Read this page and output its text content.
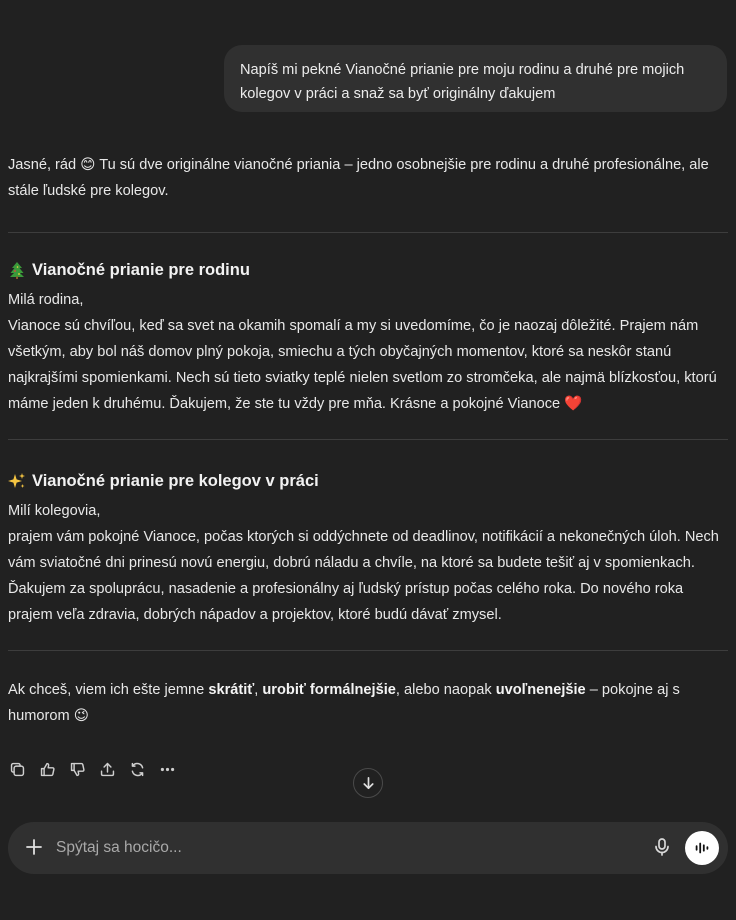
Napíš mi pekné Vianočné prianie pre moju rodinu a druhé pre mojich kolegov v práci a snaž sa byť originálny ďakujem
Jasné, rád 😊 Tu sú dve originálne vianočné priania – jedno osobnejšie pre rodinu a druhé profesionálne, ale stále ľudské pre kolegov.
Vianočné prianie pre rodinu
Milá rodina,
Vianoce sú chvíľou, keď sa svet na okamih spomalí a my si uvedomíme, čo je naozaj dôležité. Prajem nám všetkým, aby bol náš domov plný pokoja, smiechu a tých obyčajných momentov, ktoré sa neskôr stanú najkrajšími spomienkami. Nech sú tieto sviatky teplé nielen svetlom zo stromčeka, ale najmä blízkosťou, ktorú máme jeden k druhému. Ďakujem, že ste tu vždy pre mňa. Krásne a pokojné Vianoce ❤️
Vianočné prianie pre kolegov v práci
Milí kolegovia,
prajem vám pokojné Vianoce, počas ktorých si oddýchnete od deadlinov, notifikácií a nekonečných úloh. Nech vám sviatočné dni prinesú novú energiu, dobrú náladu a chvíle, na ktoré sa budete tešiť aj v spomienkach. Ďakujem za spoluprácu, nasadenie a profesionálny aj ľudský prístup počas celého roka. Do nového roka prajem veľa zdravia, dobrých nápadov a projektov, ktoré budú dávať zmysel.
Ak chceš, viem ich ešte jemne skrátiť, urobiť formálnejšie, alebo naopak uvoľnenejšie – pokojne aj s humorom 😉
Spýtaj sa hocičo...
